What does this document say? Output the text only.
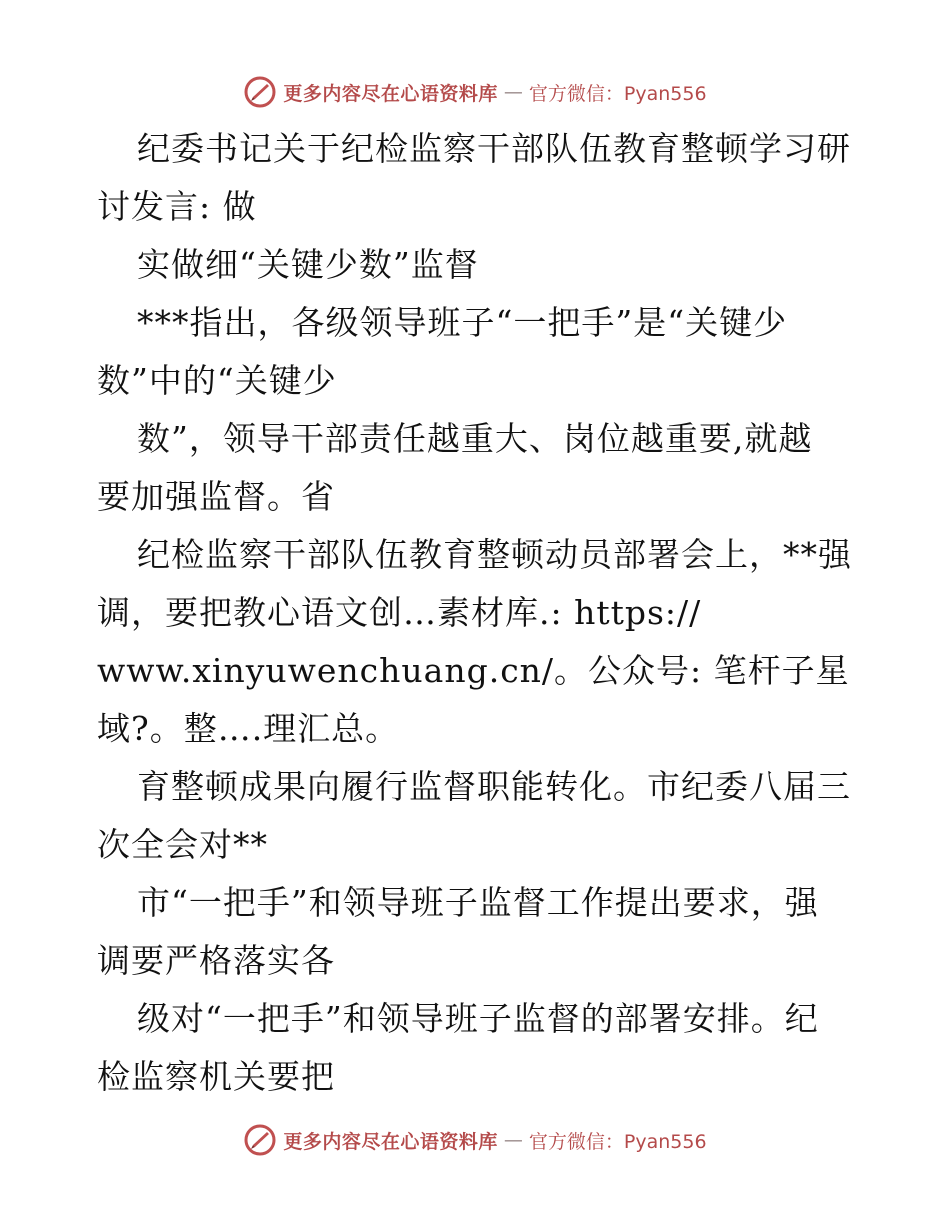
更多内容尽在心语资料库 — 官方微信：Pyan556
纪委书记关于纪检监察干部队伍教育整顿学习研
讨发言: 做
实做细“关键少数”监督
***指出，各级领导班子“一把手”是“关键少
数”中的“关键少
数”，领导干部责任越重大、岗位越重要,就越
要加强监督。省
纪检监察干部队伍教育整顿动员部署会上，**强
调，要把教心语文创…素材库.: https://
www.xinyuwenchuang.cn/。公众号: 笔杆子星
域?。整….理汇总。
育整顿成果向履行监督职能转化。市纪委八届三
次全会对**
市“一把手”和领导班子监督工作提出要求，强
调要严格落实各
级对“一把手”和领导班子监督的部署安排。纪
检监察机关要把
更多内容尽在心语资料库 — 官方微信：Pyan556
